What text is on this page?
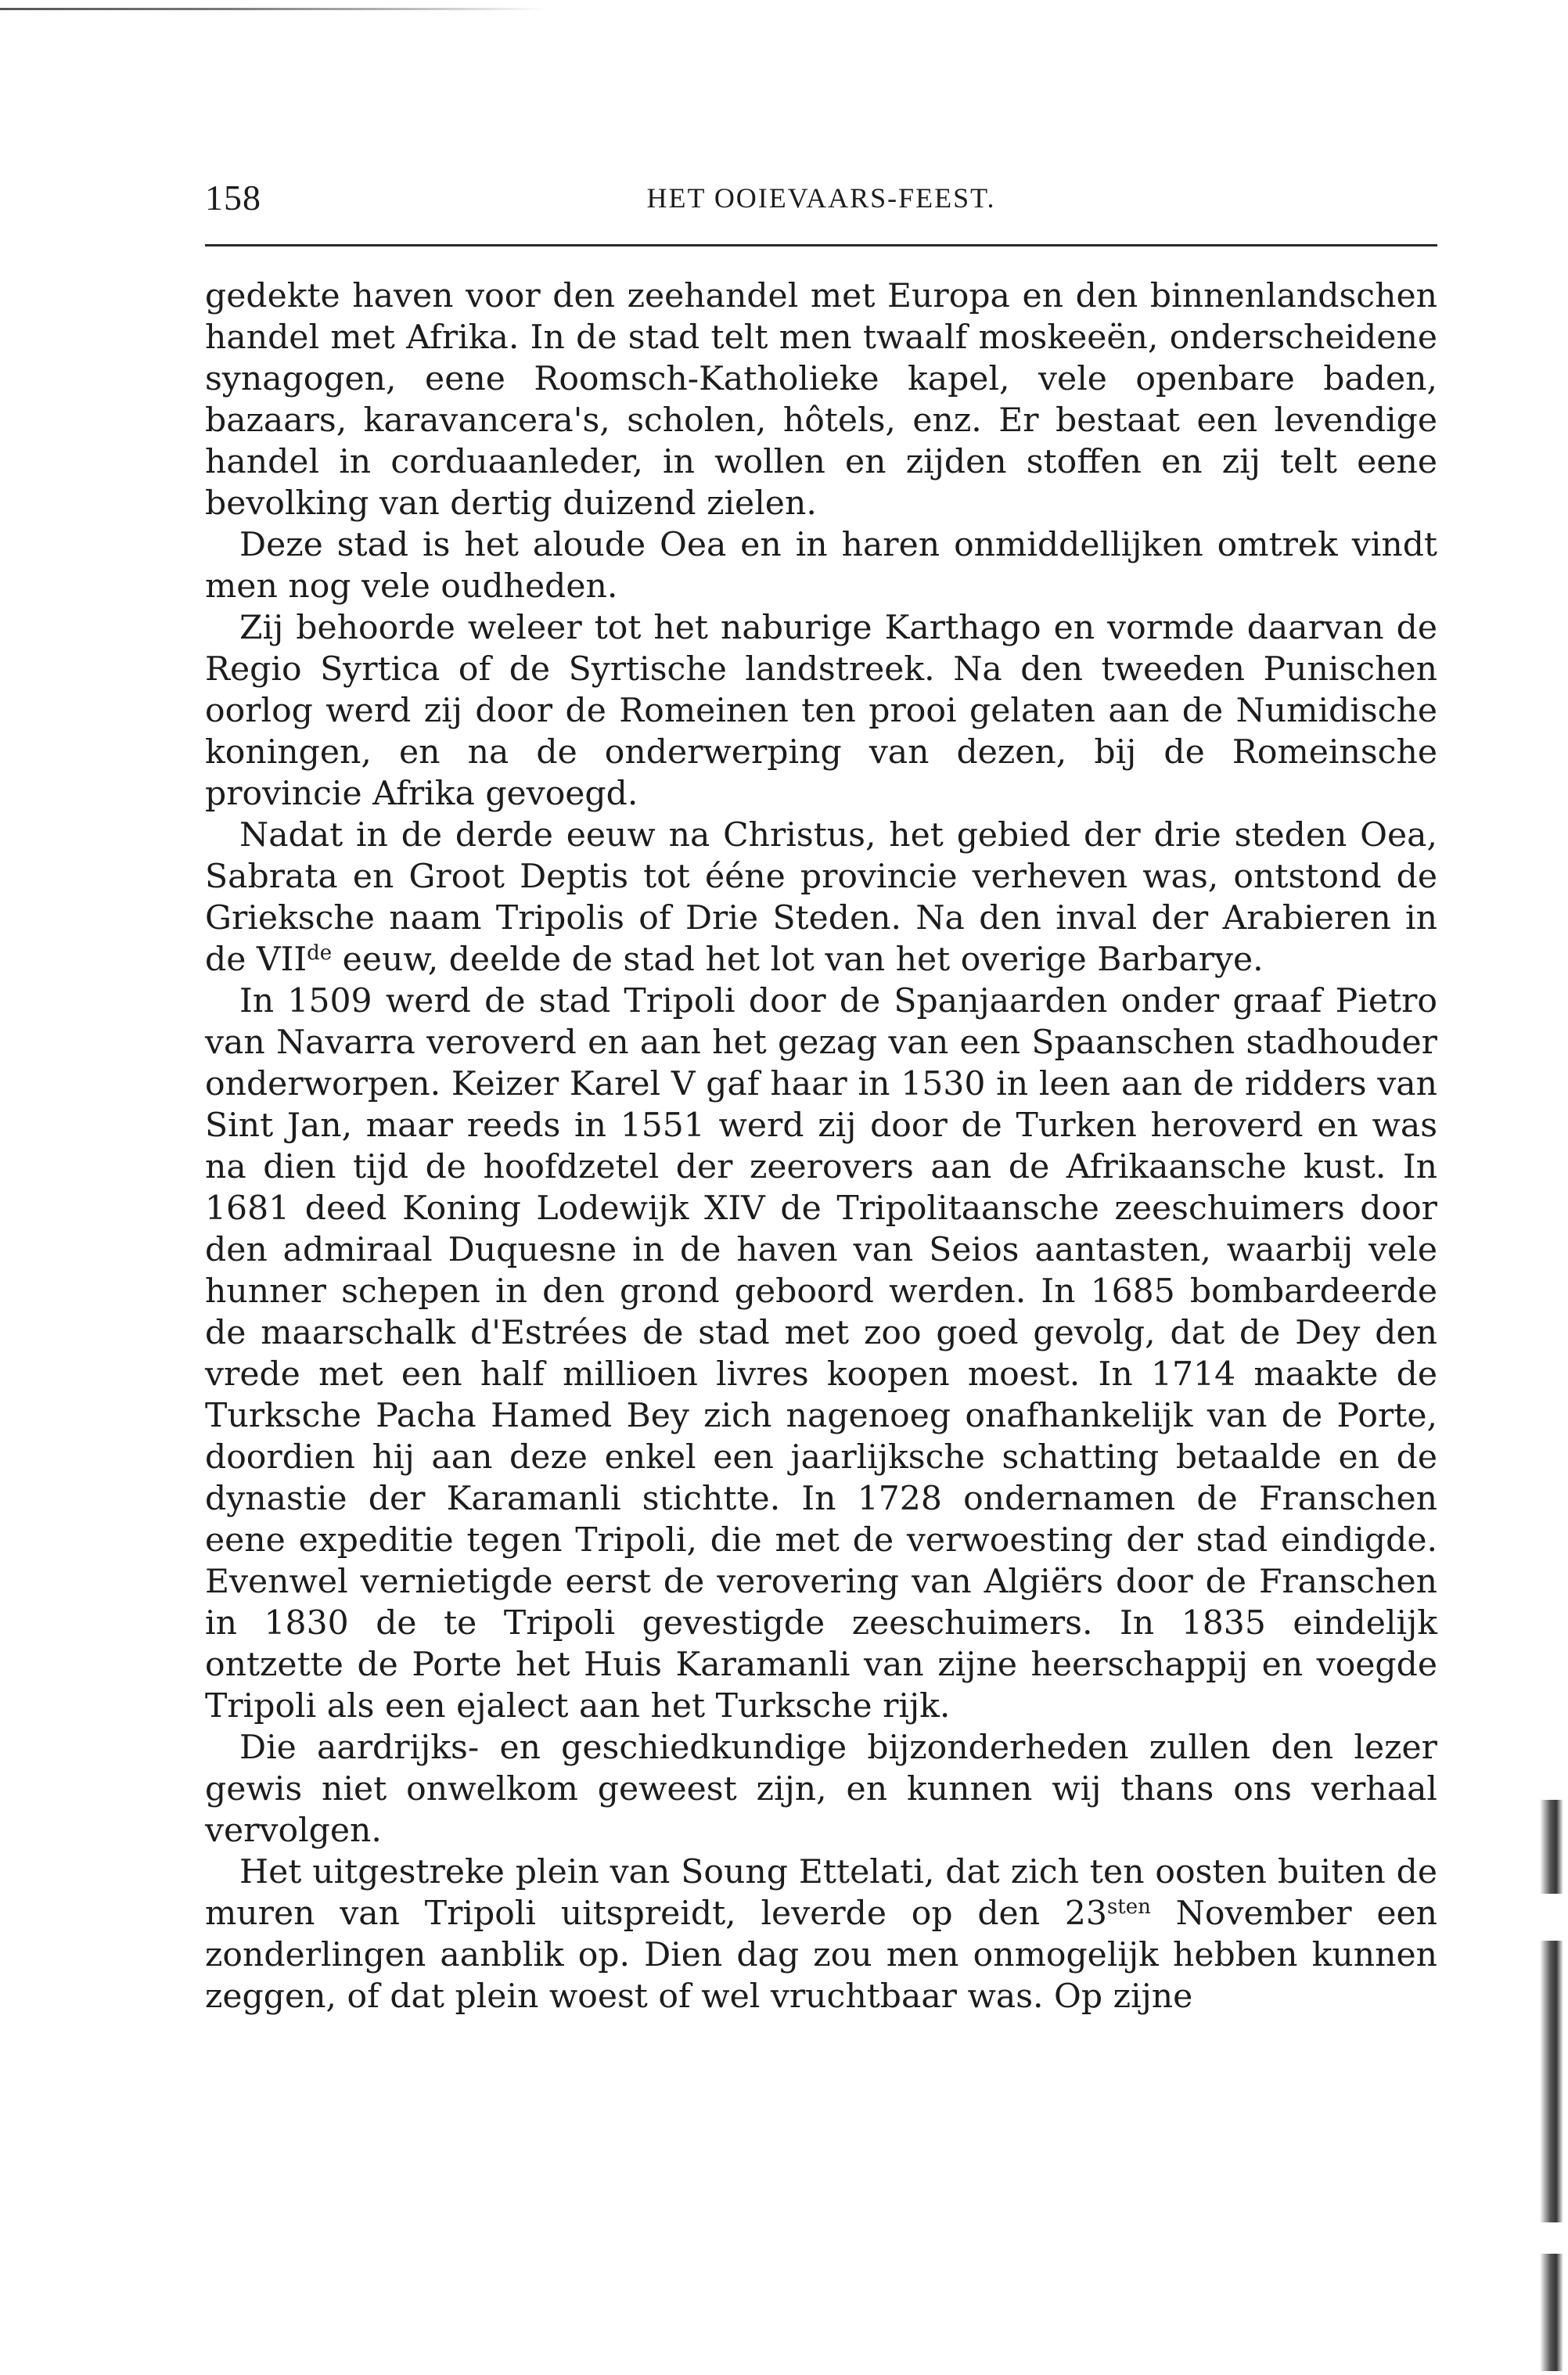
158	HET OOIEVAARS-FEEST.

gedekte haven voor den zeehandel met Europa en den binnenlandschen handel met Afrika. In de stad telt men twaalf moskeeën, onderscheidene synagogen, eene Roomsch-Katholieke kapel, vele openbare baden, bazaars, karavancera's, scholen, hôtels, enz. Er bestaat een levendige handel in corduaanleder, in wollen en zijden stoffen en zij telt eene bevolking van dertig duizend zielen.

Deze stad is het aloude Oea en in haren onmiddellijken omtrek vindt men nog vele oudheden.

Zij behoorde weleer tot het naburige Karthago en vormde daarvan de Regio Syrtica of de Syrtische landstreek. Na den tweeden Punischen oorlog werd zij door de Romeinen ten prooi gelaten aan de Numidische koningen, en na de onderwerping van dezen, bij de Romeinsche provincie Afrika gevoegd.

Nadat in de derde eeuw na Christus, het gebied der drie steden Oea, Sabrata en Groot Deptis tot ééne provincie verheven was, ontstond de Grieksche naam Tripolis of Drie Steden. Na den inval der Arabieren in de VIIde eeuw, deelde de stad het lot van het overige Barbarye.

In 1509 werd de stad Tripoli door de Spanjaarden onder graaf Pietro van Navarra veroverd en aan het gezag van een Spaanschen stadhouder onderworpen. Keizer Karel V gaf haar in 1530 in leen aan de ridders van Sint Jan, maar reeds in 1551 werd zij door de Turken heroverd en was na dien tijd de hoofdzetel der zeerovers aan de Afrikaansche kust. In 1681 deed Koning Lodewijk XIV de Tripolitaansche zeeschuimers door den admiraal Duquesne in de haven van Seios aantasten, waarbij vele hunner schepen in den grond geboord werden. In 1685 bombardeerde de maarschalk d'Estrées de stad met zoo goed gevolg, dat de Dey den vrede met een half millioen livres koopen moest. In 1714 maakte de Turksche Pacha Hamed Bey zich nagenoeg onafhankelijk van de Porte, doordien hij aan deze enkel een jaarlijksche schatting betaalde en de dynastie der Karamanli stichtte. In 1728 ondernamen de Franschen eene expeditie tegen Tripoli, die met de verwoesting der stad eindigde. Evenwel vernietigde eerst de verovering van Algiërs door de Franschen in 1830 de te Tripoli gevestigde zeeschuimers. In 1835 eindelijk ontzette de Porte het Huis Karamanli van zijne heerschappij en voegde Tripoli als een ejalect aan het Turksche rijk.

Die aardrijks- en geschiedkundige bijzonderheden zullen den lezer gewis niet onwelkom geweest zijn, en kunnen wij thans ons verhaal vervolgen.

Het uitgestreke plein van Soung Ettelati, dat zich ten oosten buiten de muren van Tripoli uitspreidt, leverde op den $23^{sten}$ November een zonderlingen aanblik op. Dien dag zou men onmogelijk hebben kunnen zeggen, of dat plein woest of wel vruchtbaar was. Op zijne
